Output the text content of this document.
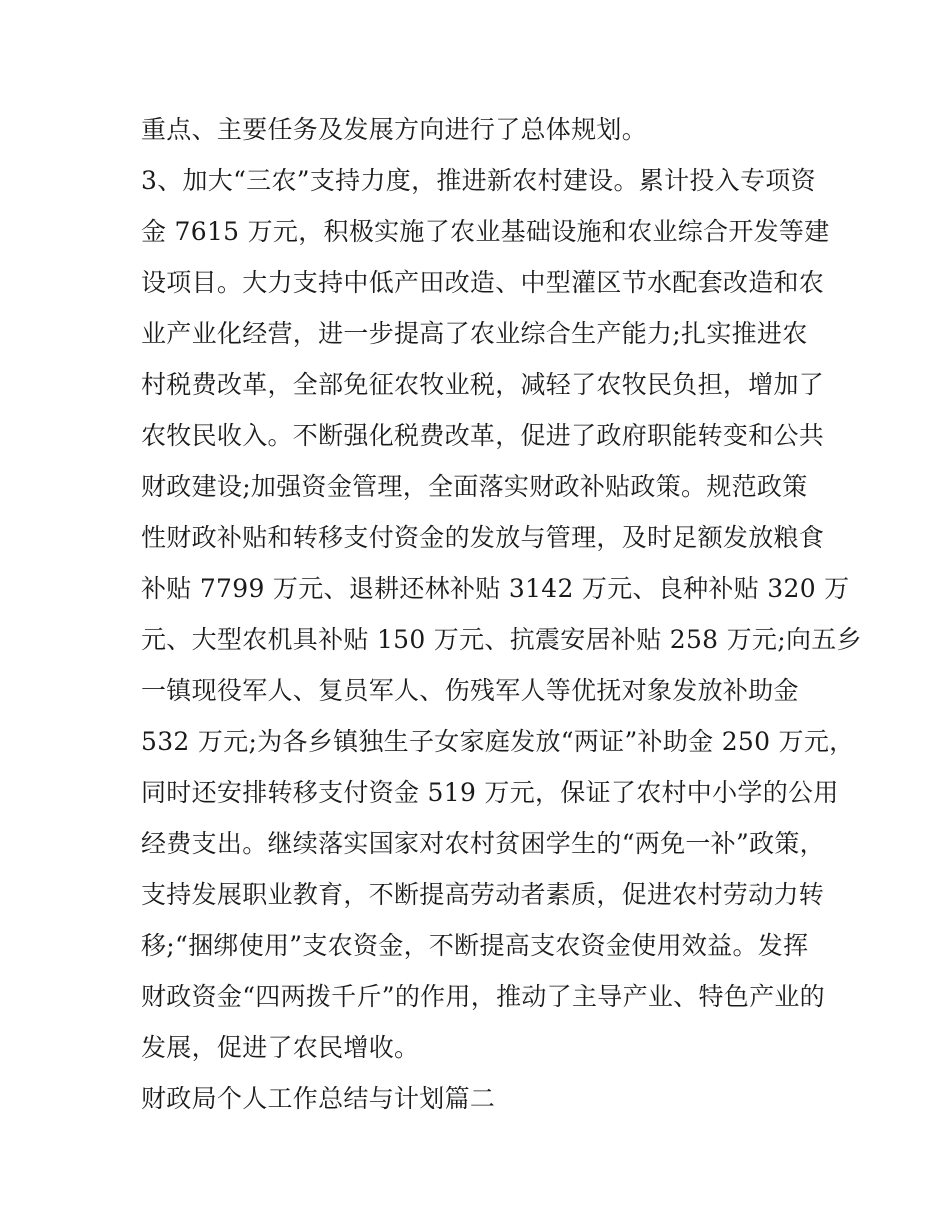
重点、主要任务及发展方向进行了总体规划。
3、加大“三农”支持力度，推进新农村建设。累计投入专项资
金 7615 万元，积极实施了农业基础设施和农业综合开发等建
设项目。大力支持中低产田改造、中型灌区节水配套改造和农
业产业化经营，进一步提高了农业综合生产能力;扎实推进农
村税费改革，全部免征农牧业税，减轻了农牧民负担，增加了
农牧民收入。不断强化税费改革，促进了政府职能转变和公共
财政建设;加强资金管理，全面落实财政补贴政策。规范政策
性财政补贴和转移支付资金的发放与管理，及时足额发放粮食
补贴 7799 万元、退耕还林补贴 3142 万元、良种补贴 320 万
元、大型农机具补贴 150 万元、抗震安居补贴 258 万元;向五乡
一镇现役军人、复员军人、伤残军人等优抚对象发放补助金
532 万元;为各乡镇独生子女家庭发放“两证”补助金 250 万元，
同时还安排转移支付资金 519 万元，保证了农村中小学的公用
经费支出。继续落实国家对农村贫困学生的“两免一补”政策，
支持发展职业教育，不断提高劳动者素质，促进农村劳动力转
移;“捆绑使用”支农资金，不断提高支农资金使用效益。发挥
财政资金“四两拨千斤”的作用，推动了主导产业、特色产业的
发展，促进了农民增收。
财政局个人工作总结与计划篇二
